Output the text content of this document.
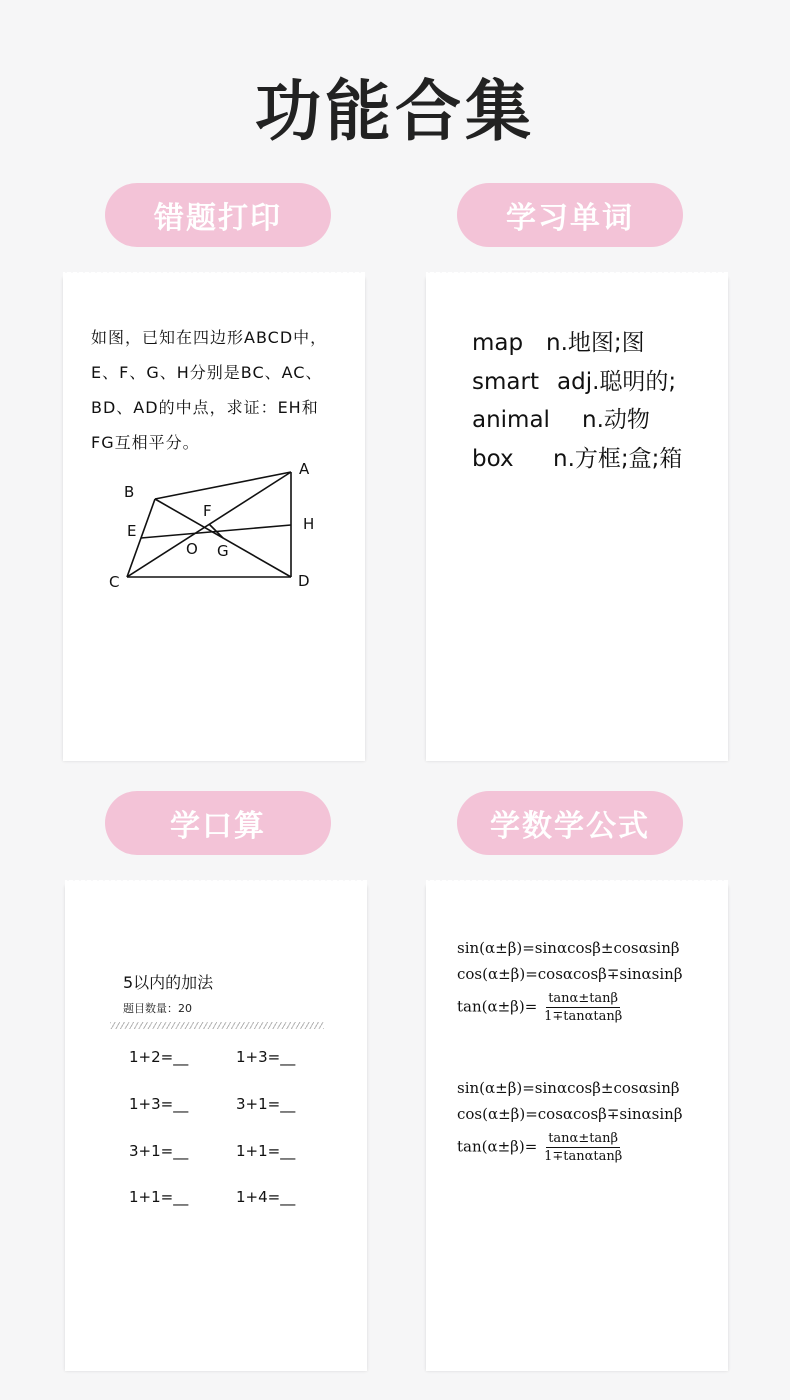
功能合集
错题打印	学习单词
学口算	学数学公式
如图，已知在四边形ABCD中，
E、F、G、H分别是BC、AC、
BD、AD的中点，求证：EH和
FG互相平分。
A
B
C	D
E
F
G
H
O
map n.地图;图
smart adj.聪明的;
animal	n.动物
box	n.方框;盒;箱
5以内的加法
题目数量：20
1+2=__	1+3=__
1+3=__	3+1=__
3+1=__	1+1=__
1+1=__	1+4=__
sin(α±β)=sinαcosβ±cosαsinβ
cos(α±β)=cosαcosβ∓sinαsinβ
$\tan(\alpha\pm\beta)= \frac{\tan\alpha\pm\tan\beta}{1\mp\tan\alpha\tan\beta}$
sin(α±β)=sinαcosβ±cosαsinβ
cos(α±β)=cosαcosβ∓sinαsinβ
$\tan(\alpha\pm\beta)= \frac{\tan\alpha\pm\tan\beta}{1\mp\tan\alpha\tan\beta}$
